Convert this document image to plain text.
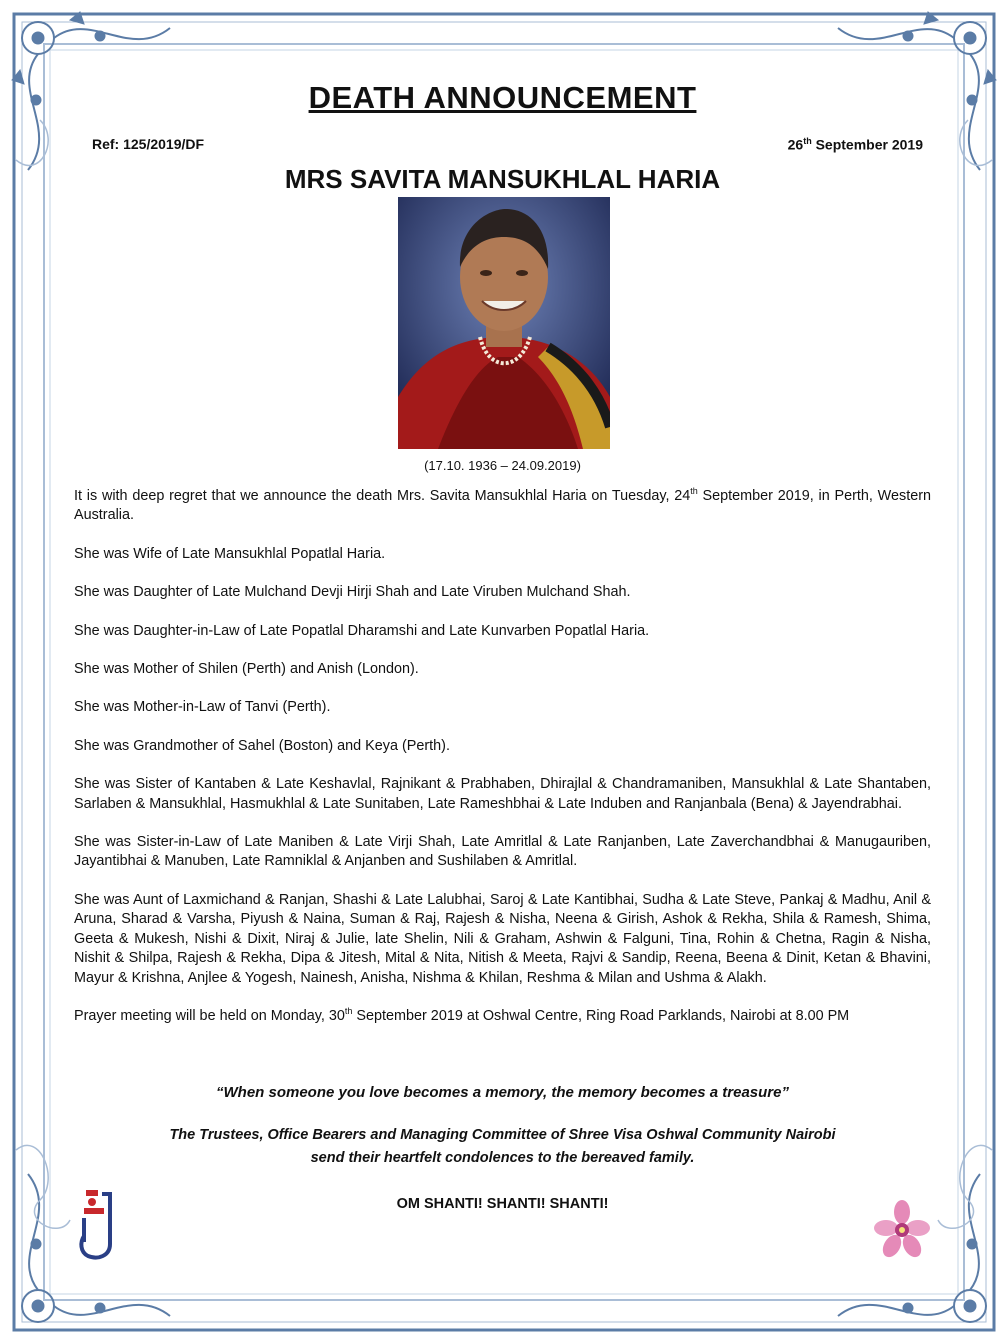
DEATH ANNOUNCEMENT
Ref: 125/2019/DF	26th September 2019
MRS SAVITA MANSUKHLAL HARIA
(17.10. 1936 – 24.09.2019)

It is with deep regret that we announce the death Mrs. Savita Mansukhlal Haria on Tuesday, 24th September 2019, in Perth, Western Australia.

She was Wife of Late Mansukhlal Popatlal Haria.

She was Daughter of Late Mulchand Devji Hirji Shah and Late Viruben Mulchand Shah.

She was Daughter-in-Law of Late Popatlal Dharamshi and Late Kunvarben Popatlal Haria.

She was Mother of Shilen (Perth) and Anish (London).

She was Mother-in-Law of Tanvi (Perth).

She was Grandmother of Sahel (Boston) and Keya (Perth).

She was Sister of Kantaben & Late Keshavlal, Rajnikant & Prabhaben, Dhirajlal & Chandramaniben, Mansukhlal & Late Shantaben, Sarlaben & Mansukhlal, Hasmukhlal & Late Sunitaben, Late Rameshbhai & Late Induben and Ranjanbala (Bena) & Jayendrabhai.

She was Sister-in-Law of Late Maniben & Late Virji Shah, Late Amritlal & Late Ranjanben, Late Zaverchandbhai & Manugauriben, Jayantibhai & Manuben, Late Ramniklal & Anjanben and Sushilaben & Amritlal.

She was Aunt of Laxmichand & Ranjan, Shashi & Late Lalubhai, Saroj & Late Kantibhai, Sudha & Late Steve, Pankaj & Madhu, Anil & Aruna, Sharad & Varsha, Piyush & Naina, Suman & Raj, Rajesh & Nisha, Neena & Girish, Ashok & Rekha, Shila & Ramesh, Shima, Geeta & Mukesh, Nishi & Dixit, Niraj & Julie, late Shelin, Nili & Graham, Ashwin & Falguni, Tina, Rohin & Chetna, Ragin & Nisha, Nishit & Shilpa, Rajesh & Rekha, Dipa & Jitesh, Mital & Nita, Nitish & Meeta, Rajvi & Sandip, Reena, Beena & Dinit, Ketan & Bhavini, Mayur & Krishna, Anjlee & Yogesh, Nainesh, Anisha, Nishma & Khilan, Reshma & Milan and Ushma & Alakh.

Prayer meeting will be held on Monday, 30th September 2019 at Oshwal Centre, Ring Road Parklands, Nairobi at 8.00 PM

“When someone you love becomes a memory, the memory becomes a treasure”
The Trustees, Office Bearers and Managing Committee of Shree Visa Oshwal Community Nairobi
send their heartfelt condolences to the bereaved family.
OM SHANTI! SHANTI! SHANTI!
